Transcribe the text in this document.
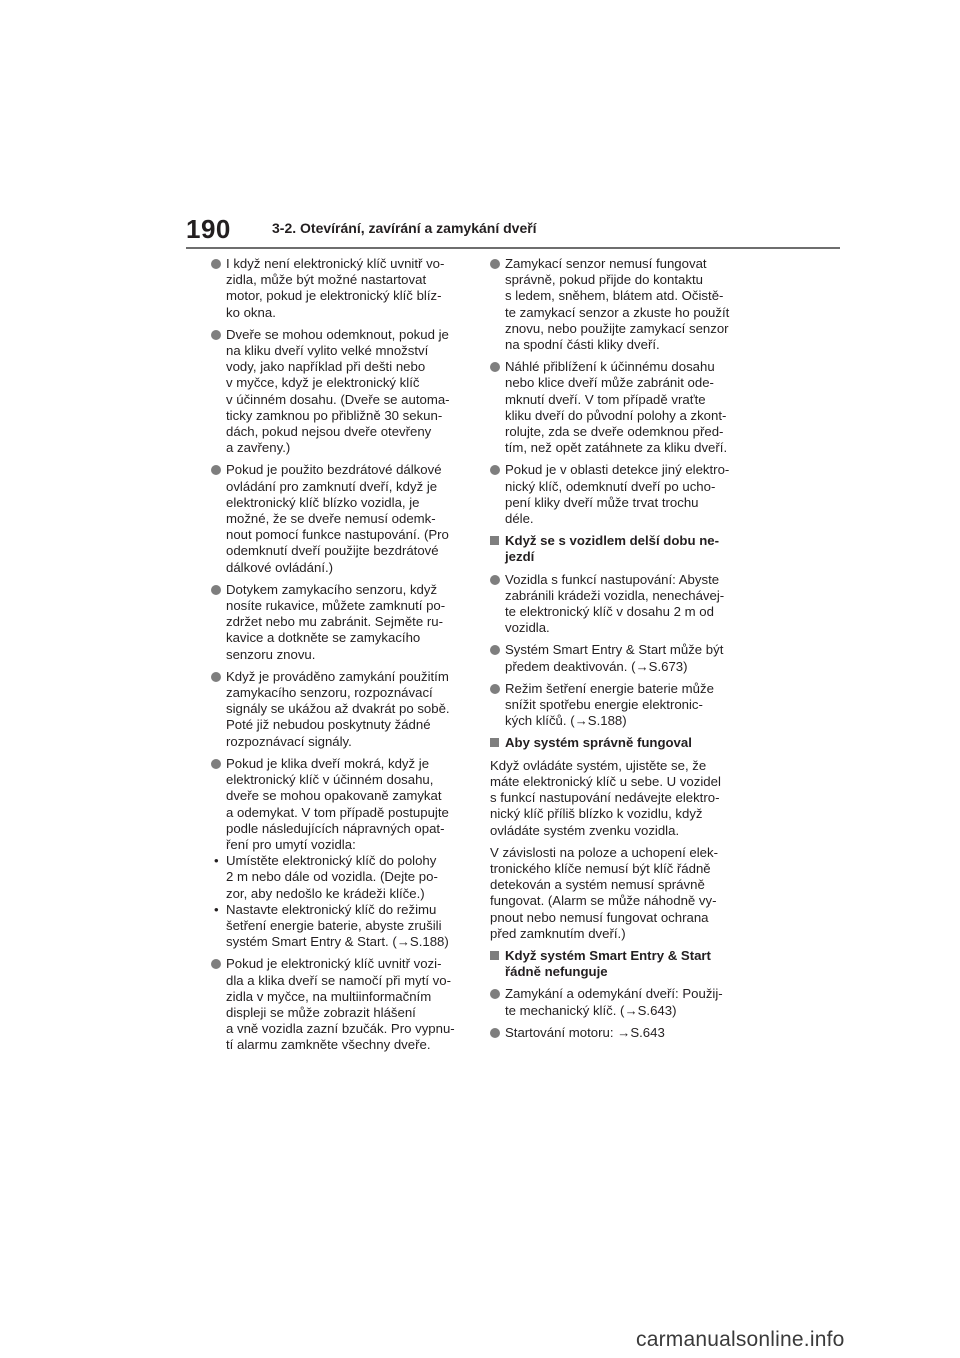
190	3-2. Otevírání, zavírání a zamykání dveří
I když není elektronický klíč uvnitř vo-
zidla, může být možné nastartovat
motor, pokud je elektronický klíč blíz-
ko okna.
Dveře se mohou odemknout, pokud je
na kliku dveří vylito velké množství
vody, jako například při dešti nebo
v myčce, když je elektronický klíč
v účinném dosahu. (Dveře se automa-
ticky zamknou po přibližně 30 sekun-
dách, pokud nejsou dveře otevřeny
a zavřeny.)
Pokud je použito bezdrátové dálkové
ovládání pro zamknutí dveří, když je
elektronický klíč blízko vozidla, je
možné, že se dveře nemusí odemk-
nout pomocí funkce nastupování. (Pro
odemknutí dveří použijte bezdrátové
dálkové ovládání.)
Dotykem zamykacího senzoru, když
nosíte rukavice, můžete zamknutí po-
zdržet nebo mu zabránit. Sejměte ru-
kavice a dotkněte se zamykacího
senzoru znovu.
Když je prováděno zamykání použitím
zamykacího senzoru, rozpoznávací
signály se ukážou až dvakrát po sobě.
Poté již nebudou poskytnuty žádné
rozpoznávací signály.
Pokud je klika dveří mokrá, když je
elektronický klíč v účinném dosahu,
dveře se mohou opakovaně zamykat
a odemykat. V tom případě postupujte
podle následujících nápravných opat-
ření pro umytí vozidla:
• Umístěte elektronický klíč do polohy
2 m nebo dále od vozidla. (Dejte po-
zor, aby nedošlo ke krádeži klíče.)
• Nastavte elektronický klíč do režimu
šetření energie baterie, abyste zrušili
systém Smart Entry & Start. (→S.188)
Pokud je elektronický klíč uvnitř vozi-
dla a klika dveří se namočí při mytí vo-
zidla v myčce, na multiinformačním
displeji se může zobrazit hlášení
a vně vozidla zazní bzučák. Pro vypnu-
tí alarmu zamkněte všechny dveře.
Zamykací senzor nemusí fungovat
správně, pokud přijde do kontaktu
s ledem, sněhem, blátem atd. Očistě-
te zamykací senzor a zkuste ho použít
znovu, nebo použijte zamykací senzor
na spodní části kliky dveří.
Náhlé přiblížení k účinnému dosahu
nebo klice dveří může zabránit ode-
mknutí dveří. V tom případě vraťte
kliku dveří do původní polohy a zkont-
rolujte, zda se dveře odemknou před-
tím, než opět zatáhnete za kliku dveří.
Pokud je v oblasti detekce jiný elektro-
nický klíč, odemknutí dveří po ucho-
pení kliky dveří může trvat trochu
déle.
Když se s vozidlem delší dobu ne-
jezdí
Vozidla s funkcí nastupování: Abyste
zabránili krádeži vozidla, nenechávej-
te elektronický klíč v dosahu 2 m od
vozidla.
Systém Smart Entry & Start může být
předem deaktivován. (→S.673)
Režim šetření energie baterie může
snížit spotřebu energie elektronic-
kých klíčů. (→S.188)
Aby systém správně fungoval
Když ovládáte systém, ujistěte se, že
máte elektronický klíč u sebe. U vozidel
s funkcí nastupování nedávejte elektro-
nický klíč příliš blízko k vozidlu, když
ovládáte systém zvenku vozidla.
V závislosti na poloze a uchopení elek-
tronického klíče nemusí být klíč řádně
detekován a systém nemusí správně
fungovat. (Alarm se může náhodně vy-
pnout nebo nemusí fungovat ochrana
před zamknutím dveří.)
Když systém Smart Entry & Start
řádně nefunguje
Zamykání a odemykání dveří: Použij-
te mechanický klíč. (→S.643)
Startování motoru: →S.643
carmanualsonline.info
